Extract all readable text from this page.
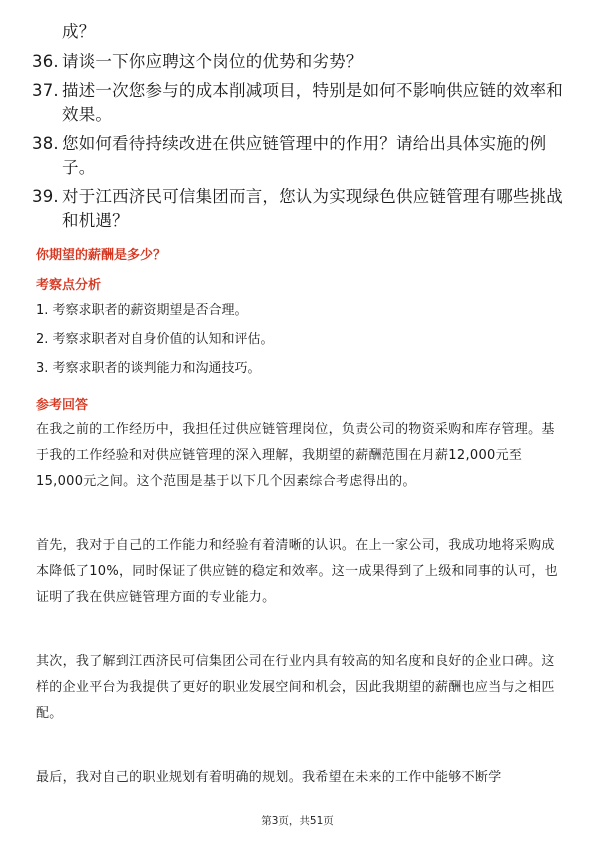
成？
36. 请谈一下你应聘这个岗位的优势和劣势？
37. 描述一次您参与的成本削减项目，特别是如何不影响供应链的效率和效果。
38. 您如何看待持续改进在供应链管理中的作用？请给出具体实施的例子。
39. 对于江西济民可信集团而言，您认为实现绿色供应链管理有哪些挑战和机遇？
你期望的薪酬是多少？
考察点分析
1. 考察求职者的薪资期望是否合理。
2. 考察求职者对自身价值的认知和评估。
3. 考察求职者的谈判能力和沟通技巧。
参考回答
在我之前的工作经历中，我担任过供应链管理岗位，负责公司的物资采购和库存管理。基于我的工作经验和对供应链管理的深入理解，我期望的薪酬范围在月薪12,000元至15,000元之间。这个范围是基于以下几个因素综合考虑得出的。
首先，我对于自己的工作能力和经验有着清晰的认识。在上一家公司，我成功地将采购成本降低了10%，同时保证了供应链的稳定和效率。这一成果得到了上级和同事的认可，也证明了我在供应链管理方面的专业能力。
其次，我了解到江西济民可信集团公司在行业内具有较高的知名度和良好的企业口碑。这样的企业平台为我提供了更好的职业发展空间和机会，因此我期望的薪酬也应当与之相匹配。
最后，我对自己的职业规划有着明确的规划。我希望在未来的工作中能够不断学
第3页，共51页
